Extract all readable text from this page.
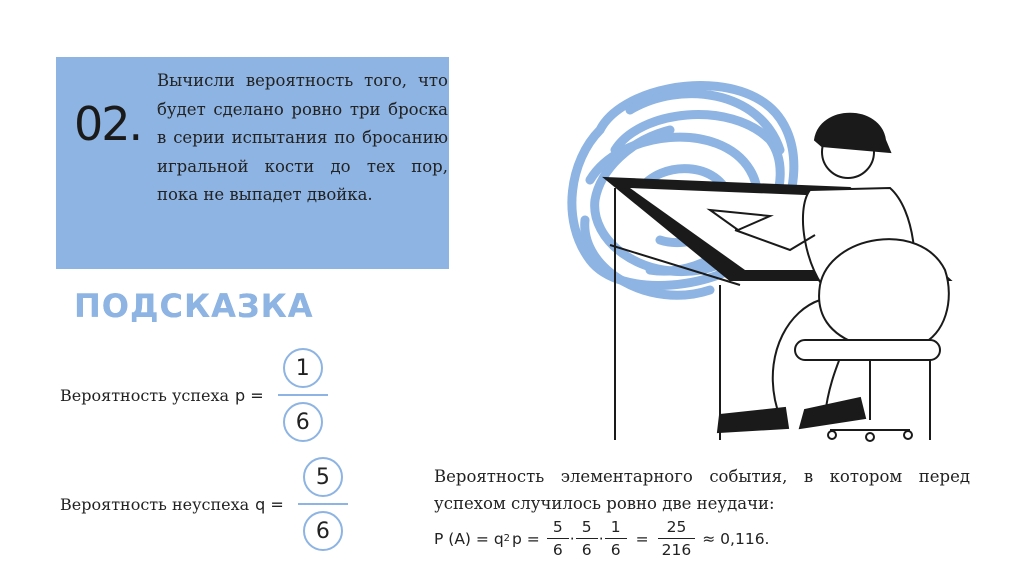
02.
Вычисли вероятность того, что будет сделано ровно три броска в серии испытания по бросанию игральной кости до тех пор, пока не выпадет двойка.
ПОДСКАЗКА
Вероятность успеха $p = \frac{1}{6}$
Вероятность неуспеха $q = \frac{5}{6}$	Вероятность элементарного события, в котором перед успехом случилось ровно две неудачи:
P (A) = q 2 p =
5
6
·
5
6
·
1
6
=
25
216
≈ 0,116.
